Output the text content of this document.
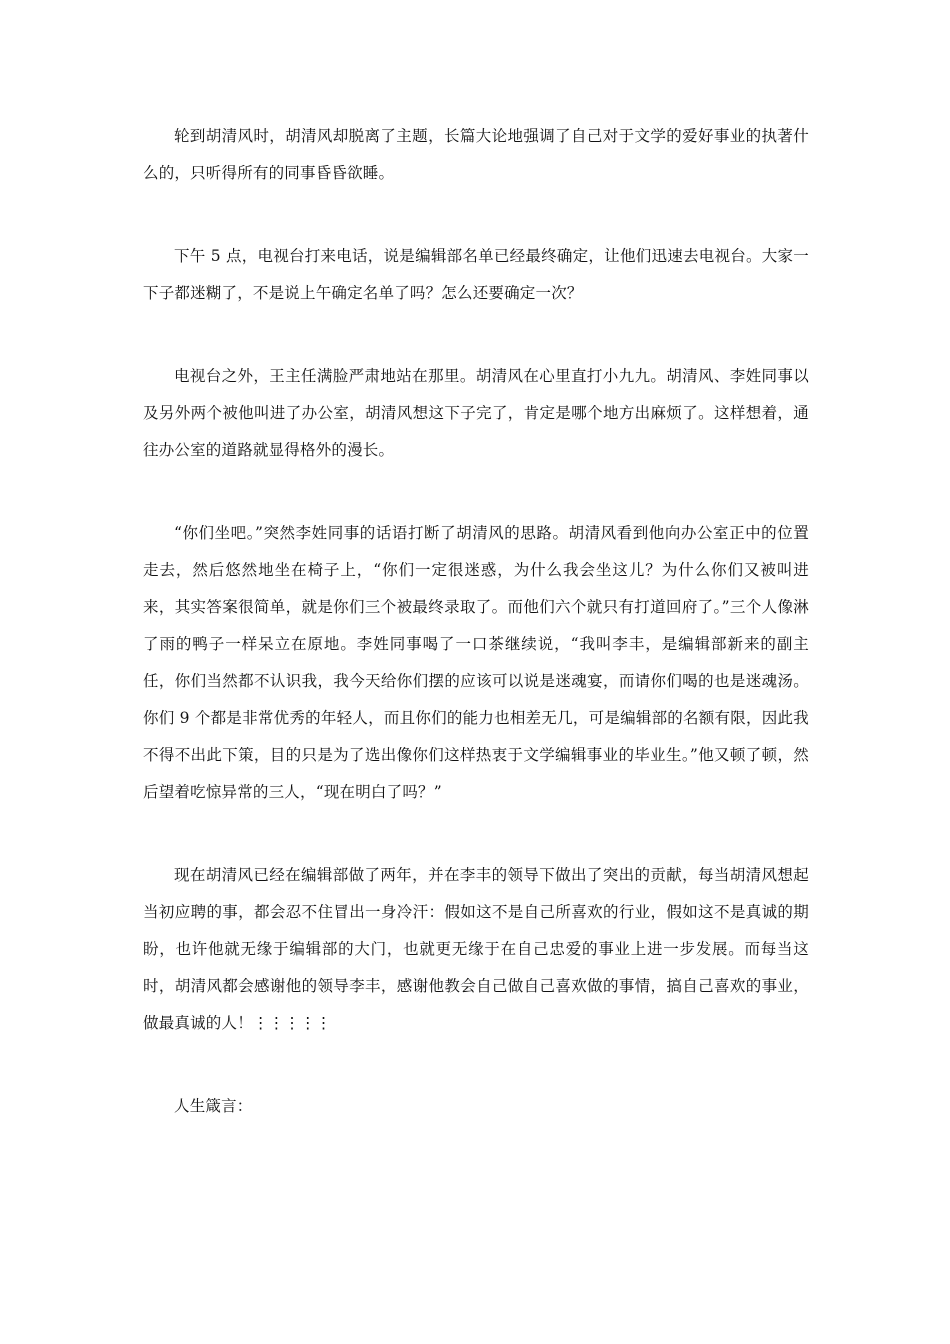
轮到胡清风时，胡清风却脱离了主题，长篇大论地强调了自己对于文学的爱好事业的执著什么的，只听得所有的同事昏昏欲睡。

下午 5 点，电视台打来电话，说是编辑部名单已经最终确定，让他们迅速去电视台。大家一下子都迷糊了，不是说上午确定名单了吗？怎么还要确定一次？

电视台之外，王主任满脸严肃地站在那里。胡清风在心里直打小九九。胡清风、李姓同事以及另外两个被他叫进了办公室，胡清风想这下子完了，肯定是哪个地方出麻烦了。这样想着，通往办公室的道路就显得格外的漫长。

“你们坐吧。”突然李姓同事的话语打断了胡清风的思路。胡清风看到他向办公室正中的位置走去，然后悠然地坐在椅子上，“你们一定很迷惑，为什么我会坐这儿？为什么你们又被叫进来，其实答案很简单，就是你们三个被最终录取了。而他们六个就只有打道回府了。”三个人像淋了雨的鸭子一样呆立在原地。李姓同事喝了一口茶继续说，“我叫李丰，是编辑部新来的副主任，你们当然都不认识我，我今天给你们摆的应该可以说是迷魂宴，而请你们喝的也是迷魂汤。你们 9 个都是非常优秀的年轻人，而且你们的能力也相差无几，可是编辑部的名额有限，因此我不得不出此下策，目的只是为了选出像你们这样热衷于文学编辑事业的毕业生。”他又顿了顿，然后望着吃惊异常的三人，“现在明白了吗？”

现在胡清风已经在编辑部做了两年，并在李丰的领导下做出了突出的贡献，每当胡清风想起当初应聘的事，都会忍不住冒出一身冷汗：假如这不是自己所喜欢的行业，假如这不是真诚的期盼，也许他就无缘于编辑部的大门，也就更无缘于在自己忠爱的事业上进一步发展。而每当这时，胡清风都会感谢他的领导李丰，感谢他教会自己做自己喜欢做的事情，搞自己喜欢的事业，做最真诚的人！⋮⋮⋮⋮⋮

人生箴言：
